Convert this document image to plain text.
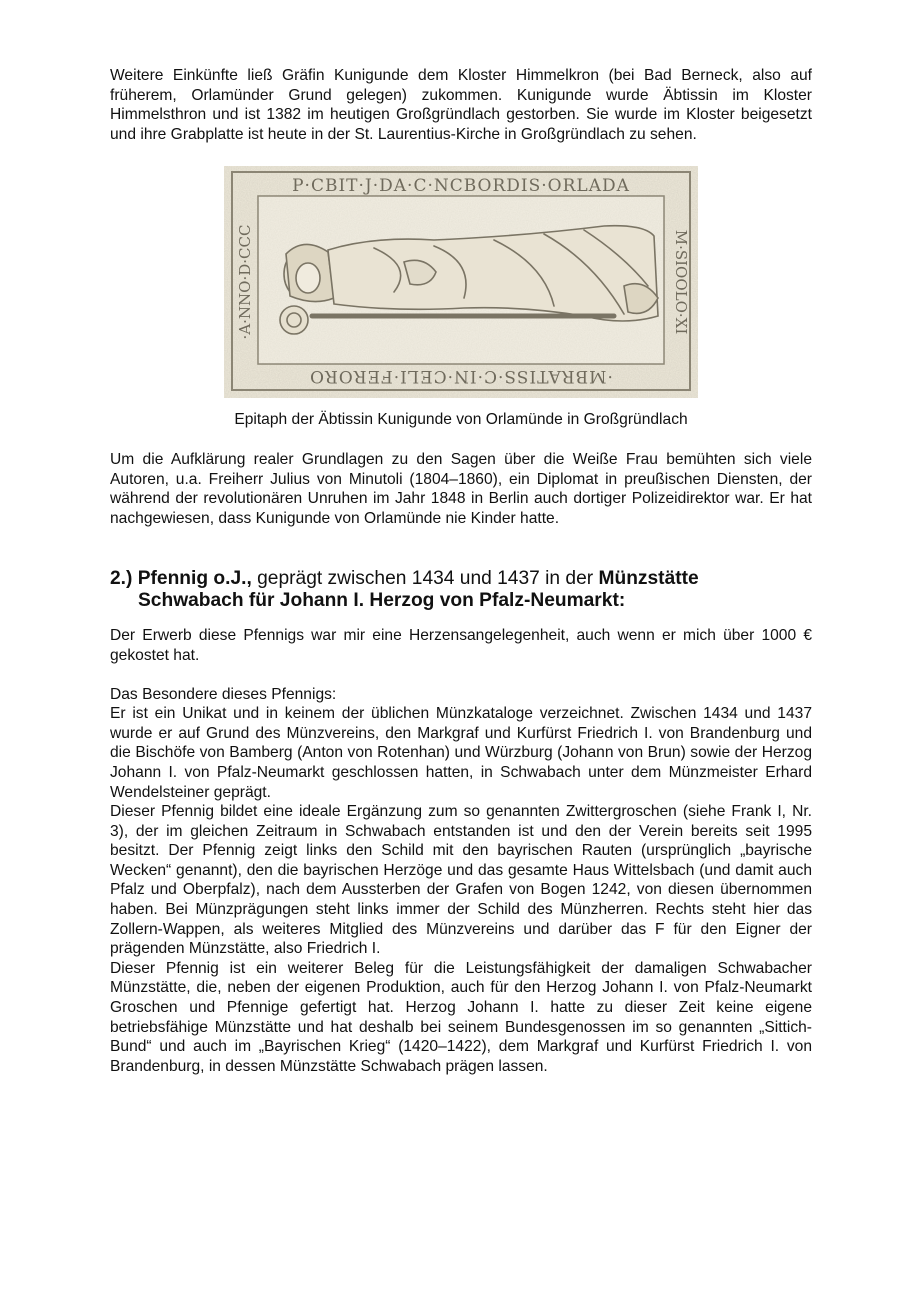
Weitere Einkünfte ließ Gräfin Kunigunde dem Kloster Himmelkron (bei Bad Berneck, also auf früherem, Orlamünder Grund gelegen) zukommen. Kunigunde wurde Äbtissin im Kloster Himmelsthron und ist 1382 im heutigen Großgründlach gestorben. Sie wurde im Kloster beigesetzt und ihre Grabplatte ist heute in der St. Laurentius-Kirche in Großgründlach zu sehen.

P·CBIT·J·DA·C·NCBORDIS·ORLADA
·MBRATISS·C·IN·CELI·FERORO
·A·NNO·D·CCC	M·SIOOLO·XI
Epitaph der Äbtissin Kunigunde von Orlamünde in Großgründlach

Um die Aufklärung realer Grundlagen zu den Sagen über die Weiße Frau bemühten sich viele Autoren, u.a. Freiherr Julius von Minutoli (1804–1860), ein Diplomat in preußischen Diensten, der während der revolutionären Unruhen im Jahr 1848 in Berlin auch dortiger Polizeidirektor war. Er hat nachgewiesen, dass Kunigunde von Orlamünde nie Kinder hatte.

2.) Pfennig o.J., geprägt zwischen 1434 und 1437 in der Münzstätte
Schwabach für Johann I. Herzog von Pfalz-Neumarkt:

Der Erwerb diese Pfennigs war mir eine Herzensangelegenheit, auch wenn er mich über 1000 € gekostet hat.

Das Besondere dieses Pfennigs:

Er ist ein Unikat und in keinem der üblichen Münzkataloge verzeichnet. Zwischen 1434 und 1437 wurde er auf Grund des Münzvereins, den Markgraf und Kurfürst Friedrich I. von Brandenburg und die Bischöfe von Bamberg (Anton von Rotenhan) und Würzburg (Johann von Brun) sowie der Herzog Johann I. von Pfalz-Neumarkt geschlossen hatten, in Schwabach unter dem Münzmeister Erhard Wendelsteiner geprägt.

Dieser Pfennig bildet eine ideale Ergänzung zum so genannten Zwittergroschen (siehe Frank I, Nr. 3), der im gleichen Zeitraum in Schwabach entstanden ist und den der Verein bereits seit 1995 besitzt. Der Pfennig zeigt links den Schild mit den bayrischen Rauten (ursprünglich „bayrische Wecken“ genannt), den die bayrischen Herzöge und das gesamte Haus Wittelsbach (und damit auch Pfalz und Oberpfalz), nach dem Aussterben der Grafen von Bogen 1242, von diesen übernommen haben. Bei Münzprägungen steht links immer der Schild des Münzherren. Rechts steht hier das Zollern-Wappen, als weiteres Mitglied des Münzvereins und darüber das F für den Eigner der prägenden Münzstätte, also Friedrich I.

Dieser Pfennig ist ein weiterer Beleg für die Leistungsfähigkeit der damaligen Schwabacher Münzstätte, die, neben der eigenen Produktion, auch für den Herzog Johann I. von Pfalz-Neumarkt Groschen und Pfennige gefertigt hat. Herzog Johann I. hatte zu dieser Zeit keine eigene betriebsfähige Münzstätte und hat deshalb bei seinem Bundesgenossen im so genannten „Sittich-Bund“ und auch im „Bayrischen Krieg“ (1420–1422), dem Markgraf und Kurfürst Friedrich I. von Brandenburg, in dessen Münzstätte Schwabach prägen lassen.
